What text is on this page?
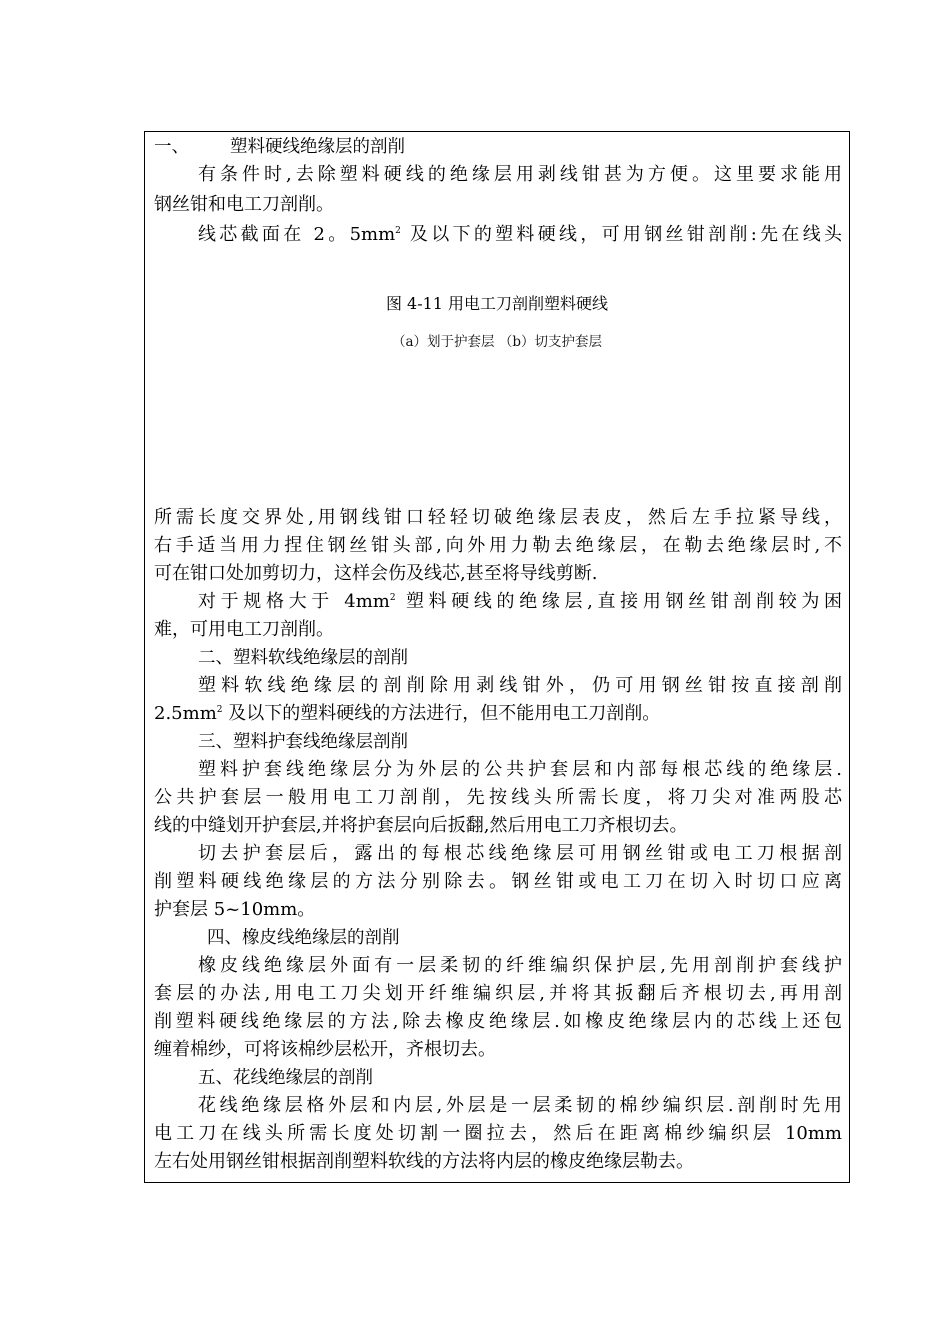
一、 塑料硬线绝缘层的剖削

有条件时,去除塑料硬线的绝缘层用剥线钳甚为方便。这里要求能用

钢丝钳和电工刀剖削。

线芯截面在 2。$5mm^2$ 及以下的塑料硬线，可用钢丝钳剖削:先在线头

图 4-11 用电工刀剖削塑料硬线

（a）划于护套层 （b）切支护套层

所需长度交界处,用钢线钳口轻轻切破绝缘层表皮，然后左手拉紧导线，

右手适当用力捏住钢丝钳头部,向外用力勒去绝缘层，在勒去绝缘层时,不

可在钳口处加剪切力，这样会伤及线芯,甚至将导线剪断.

对于规格大于 $4mm^2$ 塑料硬线的绝缘层,直接用钢丝钳剖削较为困

难，可用电工刀剖削。

二、塑料软线绝缘层的剖削

塑料软线绝缘层的剖削除用剥线钳外，仍可用钢丝钳按直接剖削

$2.5mm^2$ 及以下的塑料硬线的方法进行，但不能用电工刀剖削。

三、塑料护套线绝缘层剖削

塑料护套线绝缘层分为外层的公共护套层和内部每根芯线的绝缘层.

公共护套层一般用电工刀剖削，先按线头所需长度，将刀尖对准两股芯

线的中缝划开护套层,并将护套层向后扳翻,然后用电工刀齐根切去。

切去护套层后，露出的每根芯线绝缘层可用钢丝钳或电工刀根据剖

削塑料硬线绝缘层的方法分别除去。钢丝钳或电工刀在切入时切口应离

护套层 5~10mm。

四、橡皮线绝缘层的剖削

橡皮线绝缘层外面有一层柔韧的纤维编织保护层,先用剖削护套线护

套层的办法,用电工刀尖划开纤维编织层,并将其扳翻后齐根切去,再用剖

削塑料硬线绝缘层的方法,除去橡皮绝缘层.如橡皮绝缘层内的芯线上还包

缠着棉纱，可将该棉纱层松开，齐根切去。

五、花线绝缘层的剖削

花线绝缘层格外层和内层,外层是一层柔韧的棉纱编织层.剖削时先用

电工刀在线头所需长度处切割一圈拉去，然后在距离棉纱编织层 10mm

左右处用钢丝钳根据剖削塑料软线的方法将内层的橡皮绝缘层勒去。
